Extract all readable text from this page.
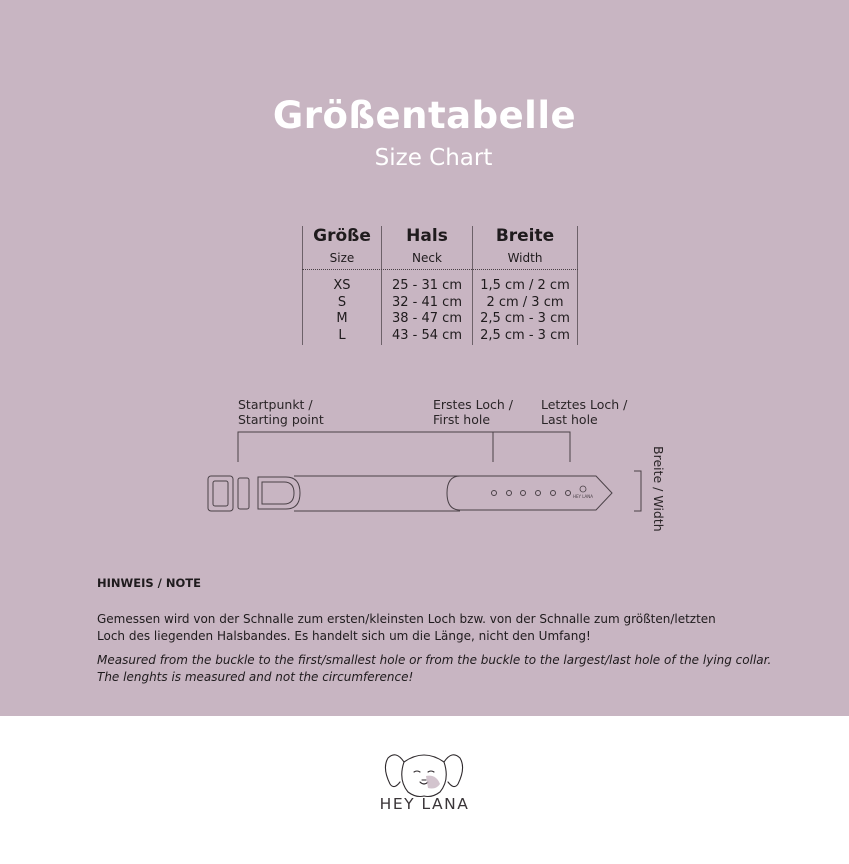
Größentabelle
Size Chart
Größe
Size
XS
S
M
L
Hals
Neck
25 - 31 cm
32 - 41 cm
38 - 47 cm
43 - 54 cm
Breite
Width
1,5 cm / 2 cm
2 cm / 3 cm
2,5 cm - 3 cm
2,5 cm - 3 cm
Startpunkt /
Starting point
Erstes Loch /
First hole
Letztes Loch /
Last hole
HEY LANA	Breite / Width
HINWEIS / NOTE
Gemessen wird von der Schnalle zum ersten/kleinsten Loch bzw. von der Schnalle zum größten/letzten
Loch des liegenden Halsbandes. Es handelt sich um die Länge, nicht den Umfang!
Measured from the buckle to the first/smallest hole or from the buckle to the largest/last hole of the lying collar.
The lenghts is measured and not the circumference!
HEY LANA
